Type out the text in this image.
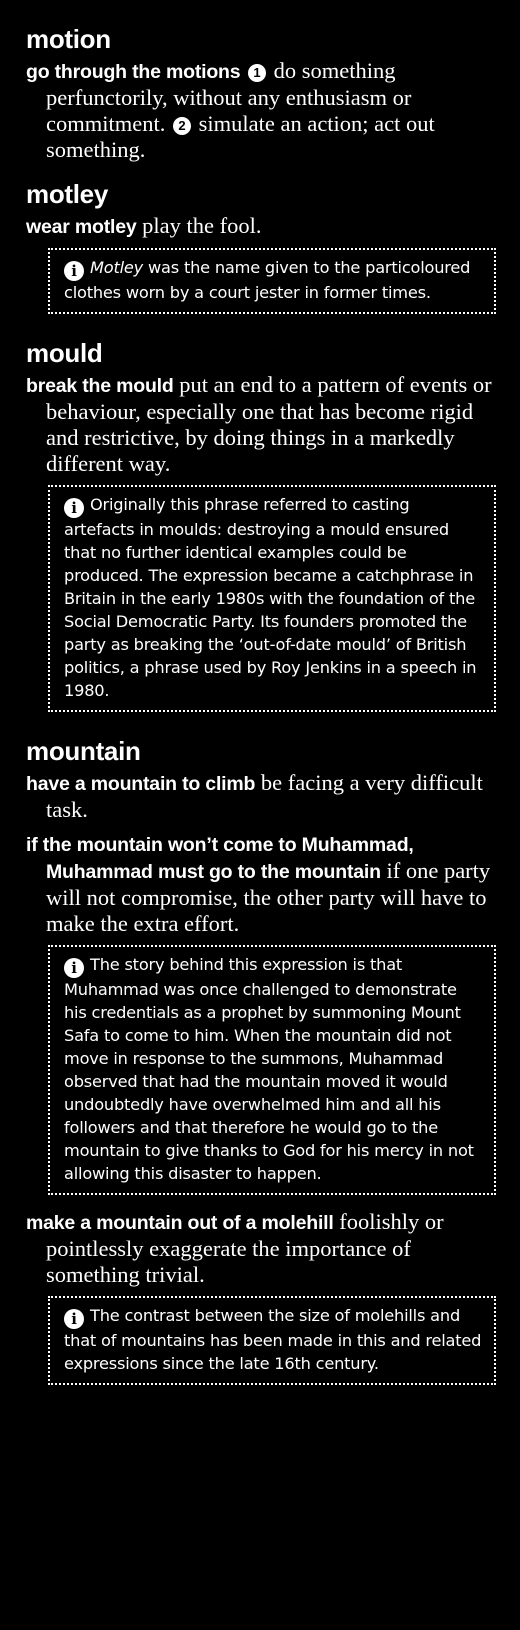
motion

go through the motions 1 do something perfunctorily, without any enthusiasm or commitment. 2 simulate an action; act out something.

motley

wear motley play the fool.

i Motley was the name given to the particoloured clothes worn by a court jester in former times.
mould

break the mould put an end to a pattern of events or behaviour, especially one that has become rigid and restrictive, by doing things in a markedly different way.

i Originally this phrase referred to casting artefacts in moulds: destroying a mould ensured that no further identical examples could be produced. The expression became a catchphrase in Britain in the early 1980s with the foundation of the Social Democratic Party. Its founders promoted the party as breaking the ‘out-of-date mould’ of British politics, a phrase used by Roy Jenkins in a speech in 1980.
mountain

have a mountain to climb be facing a very difficult task.

if the mountain won’t come to Muhammad, Muhammad must go to the mountain if one party will not compromise, the other party will have to make the extra effort.

i The story behind this expression is that Muhammad was once challenged to demonstrate his credentials as a prophet by summoning Mount Safa to come to him. When the mountain did not move in response to the summons, Muhammad observed that had the mountain moved it would undoubtedly have overwhelmed him and all his followers and that therefore he would go to the mountain to give thanks to God for his mercy in not allowing this disaster to happen.

make a mountain out of a molehill foolishly or pointlessly exaggerate the importance of something trivial.

i The contrast between the size of molehills and that of mountains has been made in this and related expressions since the late 16th century.
